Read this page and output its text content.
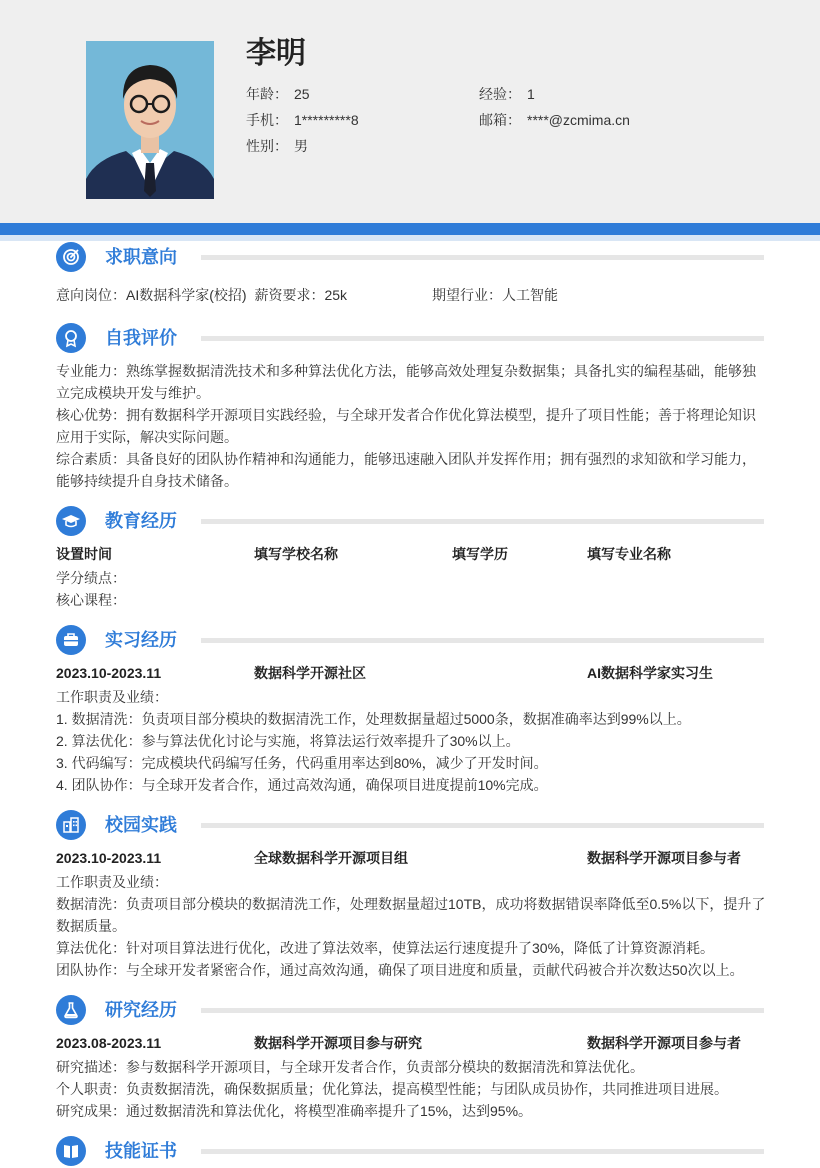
李明
年龄： 25	经验： 1
手机： 1*********8	邮箱： ****@zcmima.cn
性别： 男
求职意向
意向岗位：AI数据科学家(校招) 薪资要求：25k	期望行业：人工智能
自我评价
专业能力：熟练掌握数据清洗技术和多种算法优化方法，能够高效处理复杂数据集；具备扎实的编程基础，能够独立完成模块开发与维护。
核心优势：拥有数据科学开源项目实践经验，与全球开发者合作优化算法模型，提升了项目性能；善于将理论知识应用于实际，解决实际问题。
综合素质：具备良好的团队协作精神和沟通能力，能够迅速融入团队并发挥作用；拥有强烈的求知欲和学习能力，能够持续提升自身技术储备。
教育经历
设置时间	填写学校名称	填写学历	填写专业名称
学分绩点：
核心课程：
实习经历
2023.10-2023.11	数据科学开源社区	AI数据科学家实习生
工作职责及业绩：
1. 数据清洗：负责项目部分模块的数据清洗工作，处理数据量超过5000条，数据准确率达到99%以上。
2. 算法优化：参与算法优化讨论与实施，将算法运行效率提升了30%以上。
3. 代码编写：完成模块代码编写任务，代码重用率达到80%，减少了开发时间。
4. 团队协作：与全球开发者合作，通过高效沟通，确保项目进度提前10%完成。
校园实践
2023.10-2023.11	全球数据科学开源项目组	数据科学开源项目参与者
工作职责及业绩：
数据清洗：负责项目部分模块的数据清洗工作，处理数据量超过10TB，成功将数据错误率降低至0.5%以下，提升了数据质量。
算法优化：针对项目算法进行优化，改进了算法效率，使算法运行速度提升了30%，降低了计算资源消耗。
团队协作：与全球开发者紧密合作，通过高效沟通，确保了项目进度和质量，贡献代码被合并次数达50次以上。
研究经历
2023.08-2023.11	数据科学开源项目参与研究	数据科学开源项目参与者
研究描述：参与数据科学开源项目，与全球开发者合作，负责部分模块的数据清洗和算法优化。
个人职责：负责数据清洗，确保数据质量；优化算法，提高模型性能；与团队成员协作，共同推进项目进展。
研究成果：通过数据清洗和算法优化，将模型准确率提升了15%，达到95%。
技能证书
